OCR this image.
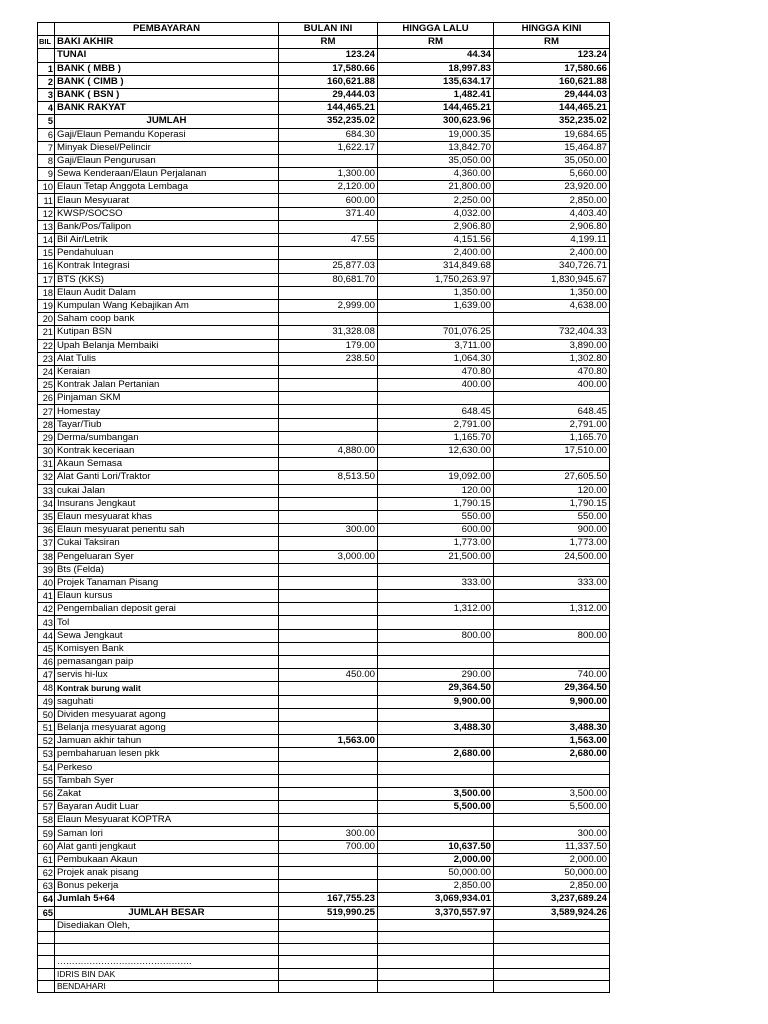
	PEMBAYARAN	BULAN INI	HINGGA LALU	HINGGA KINI
BIL	BAKI AKHIR	RM	RM	RM
	TUNAI	123.24	44.34	123.24
1	BANK ( MBB )	17,580.66	18,997.83	17,580.66
2	BANK ( CIMB )	160,621.88	135,634.17	160,621.88
3	BANK ( BSN )	29,444.03	1,482.41	29,444.03
4	BANK RAKYAT	144,465.21	144,465.21	144,465.21
5	JUMLAH	352,235.02	300,623.96	352,235.02
6	Gaji/Elaun Pemandu Koperasi	684.30	19,000.35	19,684.65
7	Minyak Diesel/Pelincir	1,622.17	13,842.70	15,464.87
8	Gaji/Elaun Pengurusan		35,050.00	35,050.00
9	Sewa Kenderaan/Elaun Perjalanan	1,300.00	4,360.00	5,660.00
10	Elaun Tetap Anggota Lembaga	2,120.00	21,800.00	23,920.00
11	Elaun Mesyuarat	600.00	2,250.00	2,850.00
12	KWSP/SOCSO	371.40	4,032.00	4,403.40
13	Bank/Pos/Talipon		2,906.80	2,906.80
14	Bil Air/Letrik	47.55	4,151.56	4,199.11
15	Pendahuluan		2,400.00	2,400.00
16	Kontrak Integrasi	25,877.03	314,849.68	340,726.71
17	BTS (KKS)	80,681.70	1,750,263.97	1,830,945.67
18	Elaun Audit Dalam		1,350.00	1,350.00
19	Kumpulan Wang Kebajikan Am	2,999.00	1,639.00	4,638.00
20	Saham coop bank			
21	Kutipan BSN	31,328.08	701,076.25	732,404.33
22	Upah Belanja Membaiki	179.00	3,711.00	3,890.00
23	Alat Tulis	238.50	1,064.30	1,302.80
24	Keraian		470.80	470.80
25	Kontrak Jalan Pertanian		400.00	400.00
26	Pinjaman SKM			
27	Homestay		648.45	648.45
28	Tayar/Tiub		2,791.00	2,791.00
29	Derma/sumbangan		1,165.70	1,165.70
30	Kontrak keceriaan	4,880.00	12,630.00	17,510.00
31	Akaun Semasa			
32	Alat Ganti Lori/Traktor	8,513.50	19,092.00	27,605.50
33	cukai Jalan		120.00	120.00
34	Insurans Jengkaut		1,790.15	1,790.15
35	Elaun mesyuarat khas		550.00	550.00
36	Elaun mesyuarat penentu sah	300.00	600.00	900.00
37	Cukai Taksiran		1,773.00	1,773.00
38	Pengeluaran Syer	3,000.00	21,500.00	24,500.00
39	Bts (Felda)			
40	Projek Tanaman Pisang		333.00	333.00
41	Elaun kursus			
42	Pengembalian deposit gerai		1,312.00	1,312.00
43	Tol			
44	Sewa Jengkaut		800.00	800.00
45	Komisyen Bank			
46	pemasangan paip			
47	servis hi-lux	450.00	290.00	740.00
48	Kontrak burung walit		29,364.50	29,364.50
49	saguhati		9,900.00	9,900.00
50	Dividen mesyuarat agong			
51	Belanja mesyuarat agong		3,488.30	3,488.30
52	Jamuan akhir tahun	1,563.00		1,563.00
53	pembaharuan lesen pkk		2,680.00	2,680.00
54	Perkeso			
55	Tambah Syer			
56	Zakat		3,500.00	3,500.00
57	Bayaran Audit Luar		5,500.00	5,500.00
58	Elaun Mesyuarat KOPTRA			
59	Saman lori	300.00		300.00
60	Alat ganti jengkaut	700.00	10,637.50	11,337.50
61	Pembukaan Akaun		2,000.00	2,000.00
62	Projek anak pisang		50,000.00	50,000.00
63	Bonus pekerja		2,850.00	2,850.00
64	Jumlah 5+64	167,755.23	3,069,934.01	3,237,689.24
65	JUMLAH BESAR	519,990.25	3,370,557.97	3,589,924.26
	Disediakan Oleh,			

	……………………………………….			
	IDRIS BIN DAK			
	BENDAHARI			
